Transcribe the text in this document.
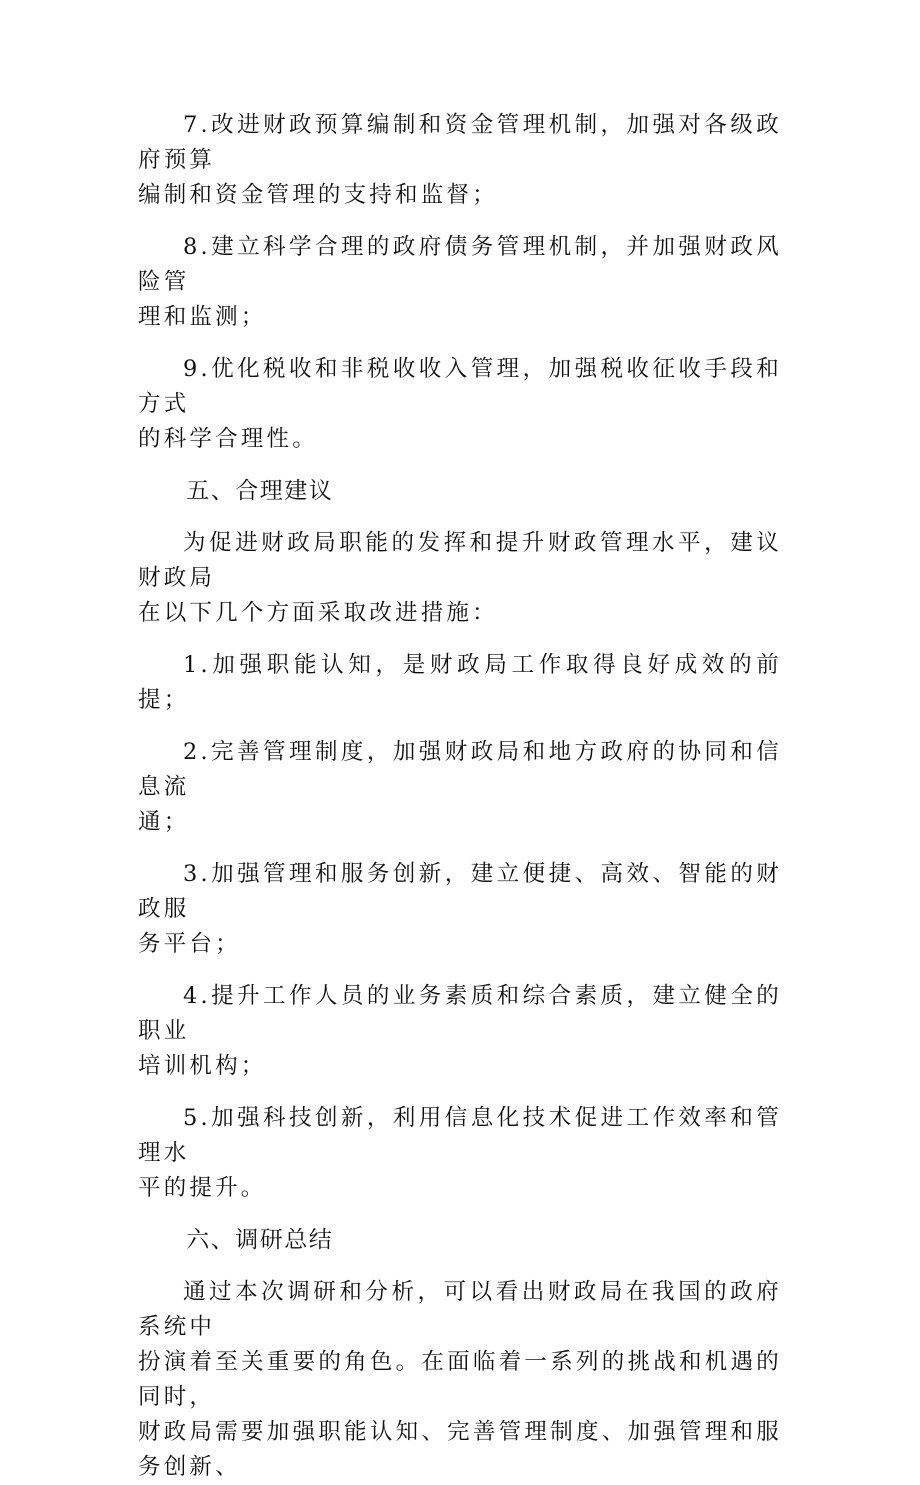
7.改进财政预算编制和资金管理机制，加强对各级政府预算
编制和资金管理的支持和监督；

8.建立科学合理的政府债务管理机制，并加强财政风险管
理和监测；

9.优化税收和非税收收入管理，加强税收征收手段和方式
的科学合理性。

五、合理建议

为促进财政局职能的发挥和提升财政管理水平，建议财政局
在以下几个方面采取改进措施：

1.加强职能认知，是财政局工作取得良好成效的前提；

2.完善管理制度，加强财政局和地方政府的协同和信息流
通；

3.加强管理和服务创新，建立便捷、高效、智能的财政服
务平台；

4.提升工作人员的业务素质和综合素质，建立健全的职业
培训机构；

5.加强科技创新，利用信息化技术促进工作效率和管理水
平的提升。

六、调研总结

通过本次调研和分析，可以看出财政局在我国的政府系统中
扮演着至关重要的角色。在面临着一系列的挑战和机遇的同时，
财政局需要加强职能认知、完善管理制度、加强管理和服务创新、
